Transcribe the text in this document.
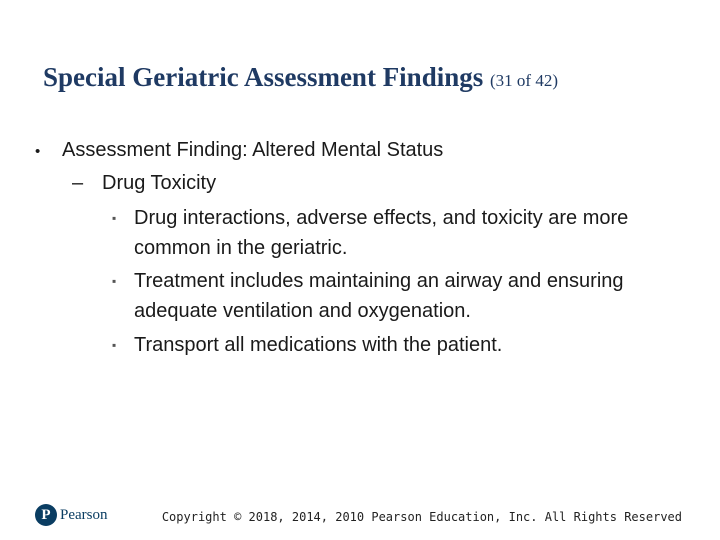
Special Geriatric Assessment Findings (31 of 42)
• Assessment Finding: Altered Mental Status
– Drug Toxicity
▪ Drug interactions, adverse effects, and toxicity are more common in the geriatric.
▪ Treatment includes maintaining an airway and ensuring adequate ventilation and oxygenation.
▪ Transport all medications with the patient.
P Pearson	Copyright © 2018, 2014, 2010 Pearson Education, Inc. All Rights Reserved
